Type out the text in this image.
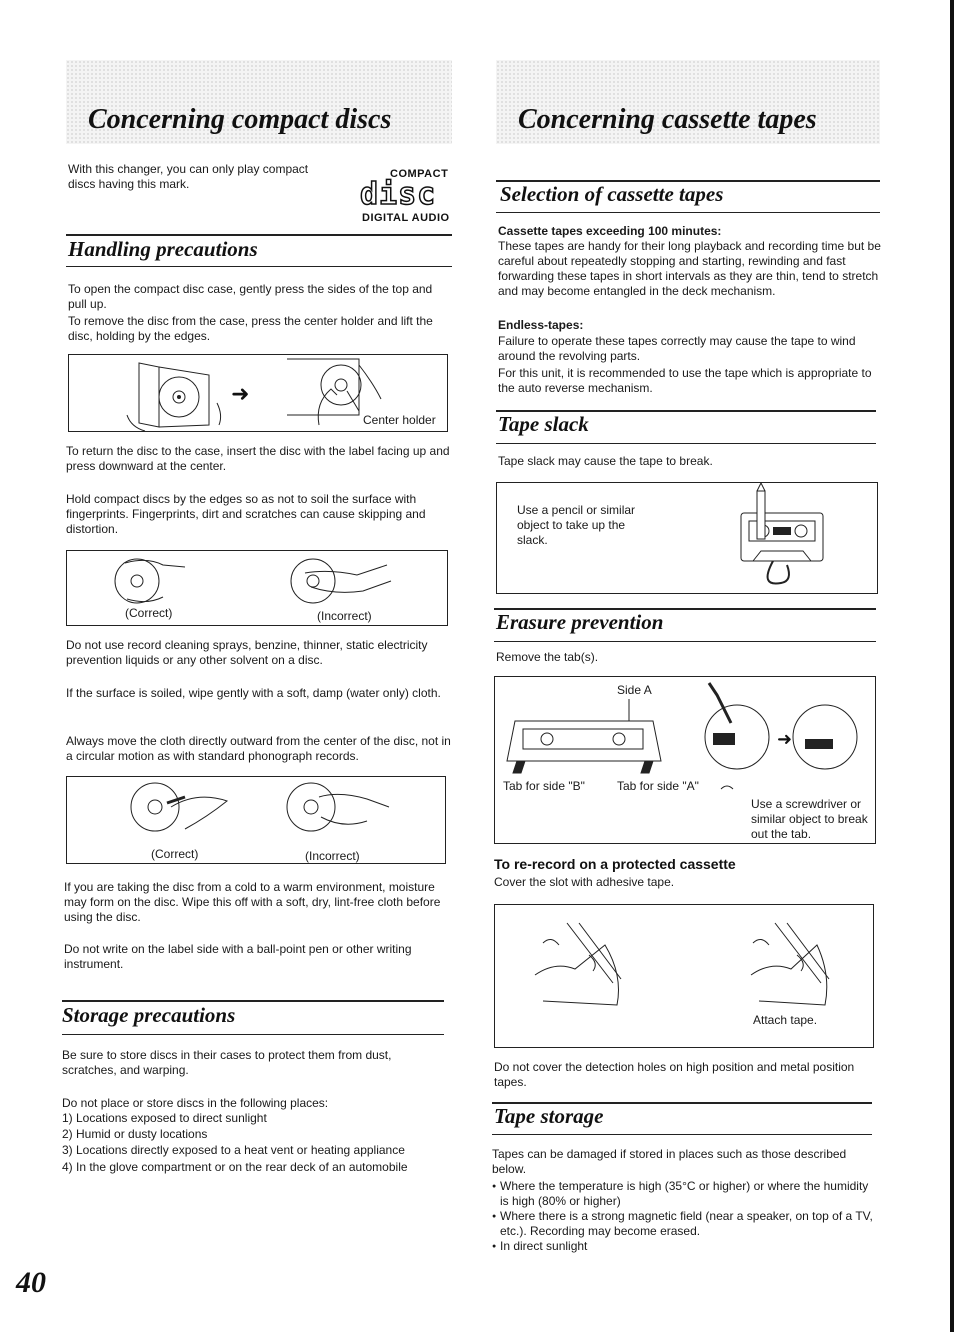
Concerning compact discs
With this changer, you can only play compact discs having this mark.
COMPACT
disc
DIGITAL AUDIO
Handling precautions
To open the compact disc case, gently press the sides of the top and pull up.
To remove the disc from the case, press the center holder and lift the disc, holding by the edges.
➜
Center holder
To return the disc to the case, insert the disc with the label facing up and press downward at the center.
Hold compact discs by the edges so as not to soil the surface with fingerprints. Fingerprints, dirt and scratches can cause skipping and distortion.
(Correct)	(Incorrect)
Do not use record cleaning sprays, benzine, thinner, static electricity prevention liquids or any other solvent on a disc.
If the surface is soiled, wipe gently with a soft, damp (water only) cloth.
Always move the cloth directly outward from the center of the disc, not in a circular motion as with standard phonograph records.
(Correct)	(Incorrect)
If you are taking the disc from a cold to a warm environment, moisture may form on the disc. Wipe this off with a soft, dry, lint-free cloth before using the disc.
Do not write on the label side with a ball-point pen or other writing instrument.
Storage precautions
Be sure to store discs in their cases to protect them from dust, scratches, and warping.
Do not place or store discs in the following places:
1) Locations exposed to direct sunlight
2) Humid or dusty locations
3) Locations directly exposed to a heat vent or heating appliance
4) In the glove compartment or on the rear deck of an automobile
40
Concerning cassette tapes
Selection of cassette tapes
Cassette tapes exceeding 100 minutes:
These tapes are handy for their long playback and recording time but be careful about repeatedly stopping and starting, rewinding and fast forwarding these tapes in short intervals as they are thin, tend to stretch and may become entangled in the deck mechanism.
Endless-tapes:
Failure to operate these tapes correctly may cause the tape to wind around the revolving parts.
For this unit, it is recommended to use the tape which is appropriate to the auto reverse mechanism.
Tape slack
Tape slack may cause the tape to break.
Use a pencil or similar object to take up the slack.
Erasure prevention
Remove the tab(s).
Side A
➜
Tab for side "B"	Tab for side "A"
Use a screwdriver or similar object to break out the tab.
To re-record on a protected cassette
Cover the slot with adhesive tape.
Attach tape.
Do not cover the detection holes on high position and metal position tapes.
Tape storage
Tapes can be damaged if stored in places such as those described below.
● Where the temperature is high (35°C or higher) or where the humidity is high (80% or higher)
● Where there is a strong magnetic field (near a speaker, on top of a TV, etc.). Recording may become erased.
● In direct sunlight
